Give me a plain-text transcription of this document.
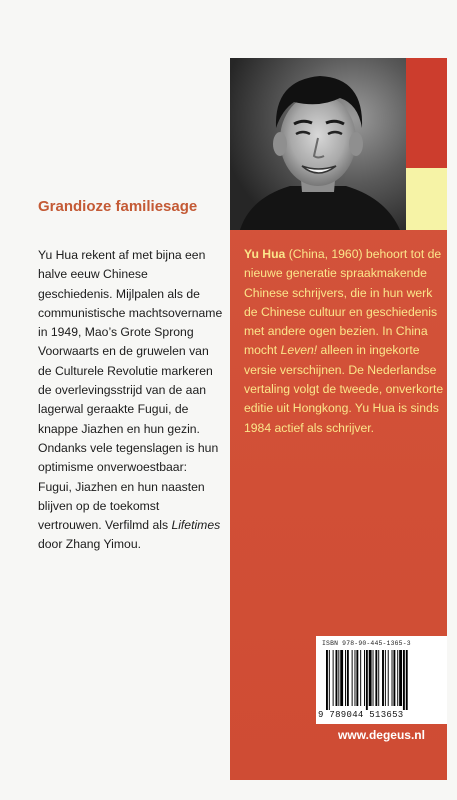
Grandioze familiesage

Yu Hua rekent af met bijna een halve eeuw Chinese geschiedenis. Mijlpalen als de communistische machtsovername in 1949, Mao’s Grote Sprong Voorwaarts en de gruwelen van de Culturele Revolutie markeren de overlevingsstrijd van de aan lagerwal geraakte Fugui, de knappe Jiazhen en hun gezin. Ondanks vele tegenslagen is hun optimisme onverwoestbaar: Fugui, Jiazhen en hun naasten blijven op de toekomst vertrouwen. Verfilmd als Lifetimes door Zhang Yimou.

Yu Hua (China, 1960) behoort tot de nieuwe generatie spraakmakende Chinese schrijvers, die in hun werk de Chinese cultuur en geschiedenis met andere ogen bezien. In China mocht Leven! alleen in ingekorte versie verschijnen. De Nederlandse vertaling volgt de tweede, onverkorte editie uit Hongkong. Yu Hua is sinds 1984 actief als schrijver.

ISBN 978-90-445-1365-3
9 789044 513653
www.degeus.nl
